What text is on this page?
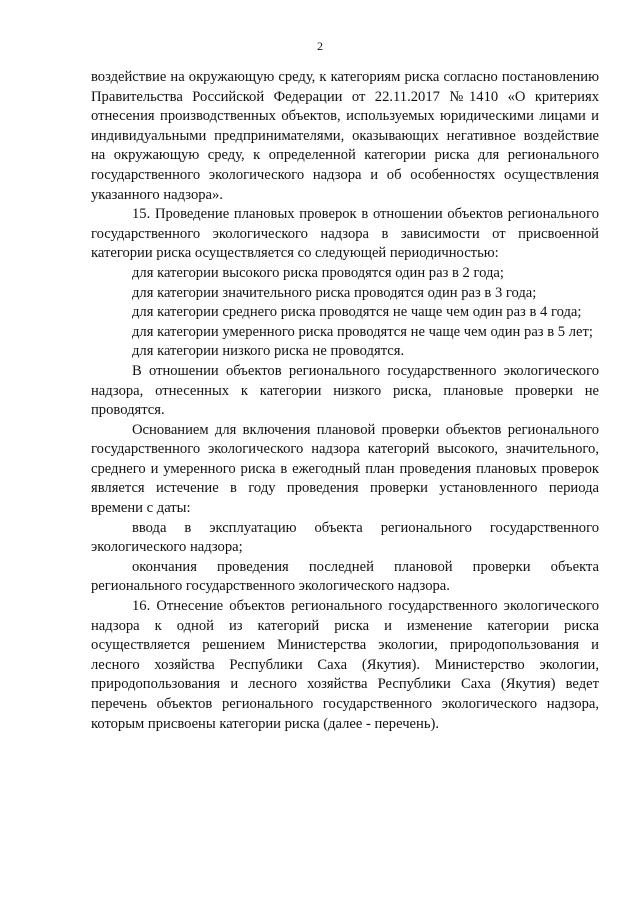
2

воздействие на окружающую среду, к категориям риска согласно постановлению Правительства Российской Федерации от 22.11.2017 №1410 «О критериях отнесения производственных объектов, используемых юридическими лицами и индивидуальными предпринимателями, оказывающих негативное воздействие на окружающую среду, к определенной категории риска для регионального государственного экологического надзора и об особенностях осуществления указанного надзора».

15. Проведение плановых проверок в отношении объектов регионального государственного экологического надзора в зависимости от присвоенной категории риска осуществляется со следующей периодичностью:

для категории высокого риска проводятся один раз в 2 года;

для категории значительного риска проводятся один раз в 3 года;

для категории среднего риска проводятся не чаще чем один раз в 4 года;

для категории умеренного риска проводятся не чаще чем один раз в 5 лет;

для категории низкого риска не проводятся.

В отношении объектов регионального государственного экологического надзора, отнесенных к категории низкого риска, плановые проверки не проводятся.

Основанием для включения плановой проверки объектов регионального государственного экологического надзора категорий высокого, значительного, среднего и умеренного риска в ежегодный план проведения плановых проверок является истечение в году проведения проверки установленного периода времени с даты:

ввода в эксплуатацию объекта регионального государственного экологического надзора;

окончания проведения последней плановой проверки объекта регионального государственного экологического надзора.

16. Отнесение объектов регионального государственного экологического надзора к одной из категорий риска и изменение категории риска осуществляется решением Министерства экологии, природопользования и лесного хозяйства Республики Саха (Якутия). Министерство экологии, природопользования и лесного хозяйства Республики Саха (Якутия) ведет перечень объектов регионального государственного экологического надзора, которым присвоены категории риска (далее - перечень).
